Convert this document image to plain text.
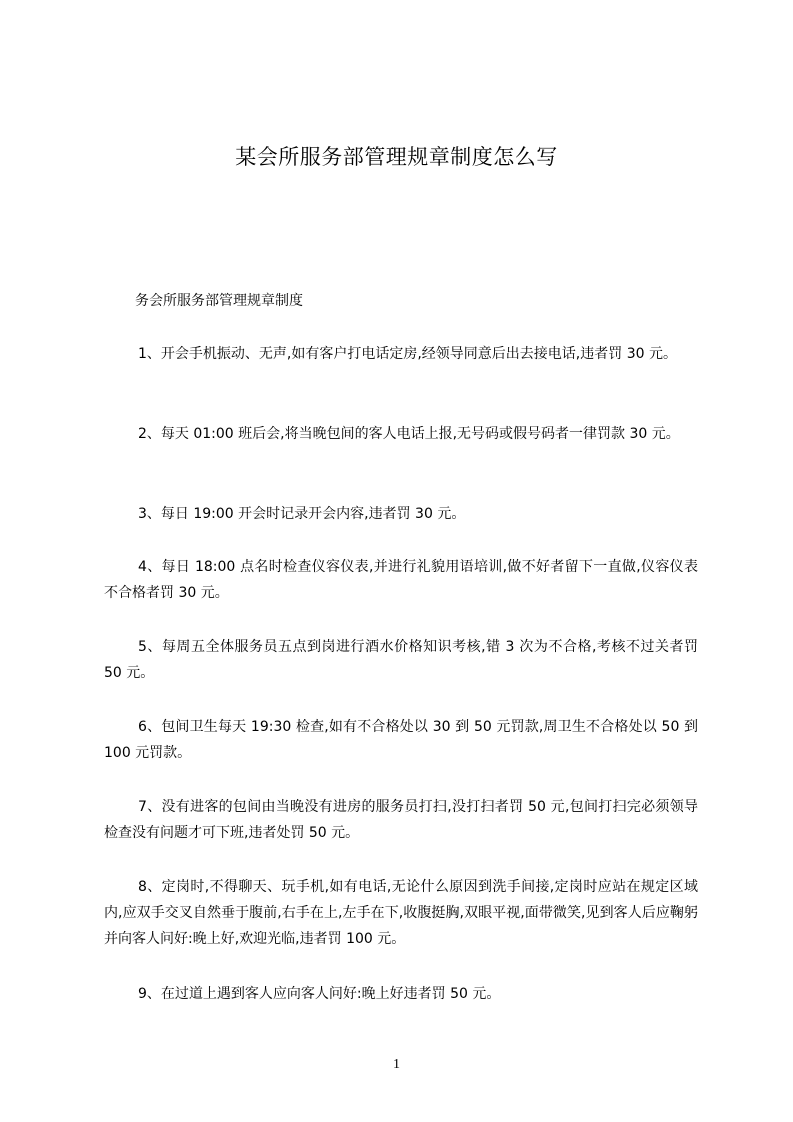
某会所服务部管理规章制度怎么写
务会所服务部管理规章制度
1、开会手机振动、无声,如有客户打电话定房,经领导同意后出去接电话,违者罚 30 元。
2、每天 01:00 班后会,将当晚包间的客人电话上报,无号码或假号码者一律罚款 30 元。
3、每日 19:00 开会时记录开会内容,违者罚 30 元。
4、每日 18:00 点名时检查仪容仪表,并进行礼貌用语培训,做不好者留下一直做,仪容仪表不合格者罚 30 元。
5、每周五全体服务员五点到岗进行酒水价格知识考核,错 3 次为不合格,考核不过关者罚 50 元。
6、包间卫生每天 19:30 检查,如有不合格处以 30 到 50 元罚款,周卫生不合格处以 50 到 100 元罚款。
7、没有进客的包间由当晚没有进房的服务员打扫,没打扫者罚 50 元,包间打扫完必须领导检查没有问题才可下班,违者处罚 50 元。
8、定岗时,不得聊天、玩手机,如有电话,无论什么原因到洗手间接,定岗时应站在规定区域内,应双手交叉自然垂于腹前,右手在上,左手在下,收腹挺胸,双眼平视,面带微笑,见到客人后应鞠躬并向客人问好:晚上好,欢迎光临,违者罚 100 元。
9、在过道上遇到客人应向客人问好:晚上好违者罚 50 元。
1
